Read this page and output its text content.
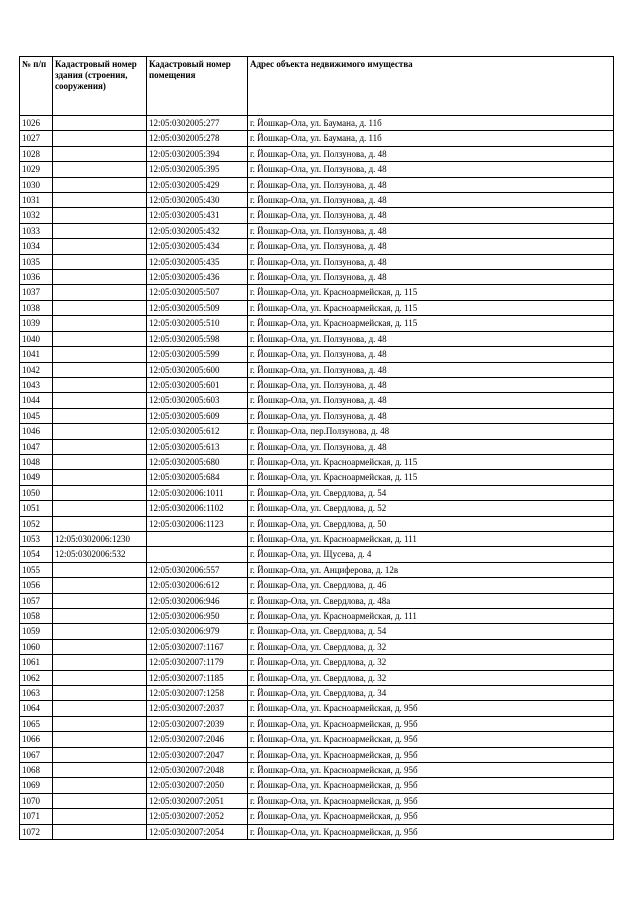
№ п/п	Кадастровый номер здания (строения, сооружения)	Кадастровый номер помещения	Адрес объекта недвижимого имущества
1026		12:05:0302005:277	г. Йошкар-Ола, ул. Баумана, д. 11б
1027		12:05:0302005:278	г. Йошкар-Ола, ул. Баумана, д. 11б
1028		12:05:0302005:394	г. Йошкар-Ола, ул. Ползунова, д. 48
1029		12:05:0302005:395	г. Йошкар-Ола, ул. Ползунова, д. 48
1030		12:05:0302005:429	г. Йошкар-Ола, ул. Ползунова, д. 48
1031		12:05:0302005:430	г. Йошкар-Ола, ул. Ползунова, д. 48
1032		12:05:0302005:431	г. Йошкар-Ола, ул. Ползунова, д. 48
1033		12:05:0302005:432	г. Йошкар-Ола, ул. Ползунова, д. 48
1034		12:05:0302005:434	г. Йошкар-Ола, ул. Ползунова, д. 48
1035		12:05:0302005:435	г. Йошкар-Ола, ул. Ползунова, д. 48
1036		12:05:0302005:436	г. Йошкар-Ола, ул. Ползунова, д. 48
1037		12:05:0302005:507	г. Йошкар-Ола, ул. Красноармейская, д. 115
1038		12:05:0302005:509	г. Йошкар-Ола, ул. Красноармейская, д. 115
1039		12:05:0302005:510	г. Йошкар-Ола, ул. Красноармейская, д. 115
1040		12:05:0302005:598	г. Йошкар-Ола, ул. Ползунова, д. 48
1041		12:05:0302005:599	г. Йошкар-Ола, ул. Ползунова, д. 48
1042		12:05:0302005:600	г. Йошкар-Ола, ул. Ползунова, д. 48
1043		12:05:0302005:601	г. Йошкар-Ола, ул. Ползунова, д. 48
1044		12:05:0302005:603	г. Йошкар-Ола, ул. Ползунова, д. 48
1045		12:05:0302005:609	г. Йошкар-Ола, ул. Ползунова, д. 48
1046		12:05:0302005:612	г. Йошкар-Ола, пер.Ползунова, д. 48
1047		12:05:0302005:613	г. Йошкар-Ола, ул. Ползунова, д. 48
1048		12:05:0302005:680	г. Йошкар-Ола, ул. Красноармейская, д. 115
1049		12:05:0302005:684	г. Йошкар-Ола, ул. Красноармейская, д. 115
1050		12:05:0302006:1011	г. Йошкар-Ола, ул. Свердлова, д. 54
1051		12:05:0302006:1102	г. Йошкар-Ола, ул. Свердлова, д. 52
1052		12:05:0302006:1123	г. Йошкар-Ола, ул. Свердлова, д. 50
1053	12:05:0302006:1230		г. Йошкар-Ола, ул. Красноармейская, д. 111
1054	12:05:0302006:532		г. Йошкар-Ола, ул. Щусева, д. 4
1055		12:05:0302006:557	г. Йошкар-Ола, ул. Анциферова, д. 12в
1056		12:05:0302006:612	г. Йошкар-Ола, ул. Свердлова, д. 46
1057		12:05:0302006:946	г. Йошкар-Ола, ул. Свердлова, д. 48а
1058		12:05:0302006:950	г. Йошкар-Ола, ул. Красноармейская, д. 111
1059		12:05:0302006:979	г. Йошкар-Ола, ул. Свердлова, д. 54
1060		12:05:0302007:1167	г. Йошкар-Ола, ул. Свердлова, д. 32
1061		12:05:0302007:1179	г. Йошкар-Ола, ул. Свердлова, д. 32
1062		12:05:0302007:1185	г. Йошкар-Ола, ул. Свердлова, д. 32
1063		12:05:0302007:1258	г. Йошкар-Ола, ул. Свердлова, д. 34
1064		12:05:0302007:2037	г. Йошкар-Ола, ул. Красноармейская, д. 95б
1065		12:05:0302007:2039	г. Йошкар-Ола, ул. Красноармейская, д. 95б
1066		12:05:0302007:2046	г. Йошкар-Ола, ул. Красноармейская, д. 95б
1067		12:05:0302007:2047	г. Йошкар-Ола, ул. Красноармейская, д. 95б
1068		12:05:0302007:2048	г. Йошкар-Ола, ул. Красноармейская, д. 95б
1069		12:05:0302007:2050	г. Йошкар-Ола, ул. Красноармейская, д. 95б
1070		12:05:0302007:2051	г. Йошкар-Ола, ул. Красноармейская, д. 95б
1071		12:05:0302007:2052	г. Йошкар-Ола, ул. Красноармейская, д. 95б
1072		12:05:0302007:2054	г. Йошкар-Ола, ул. Красноармейская, д. 95б
